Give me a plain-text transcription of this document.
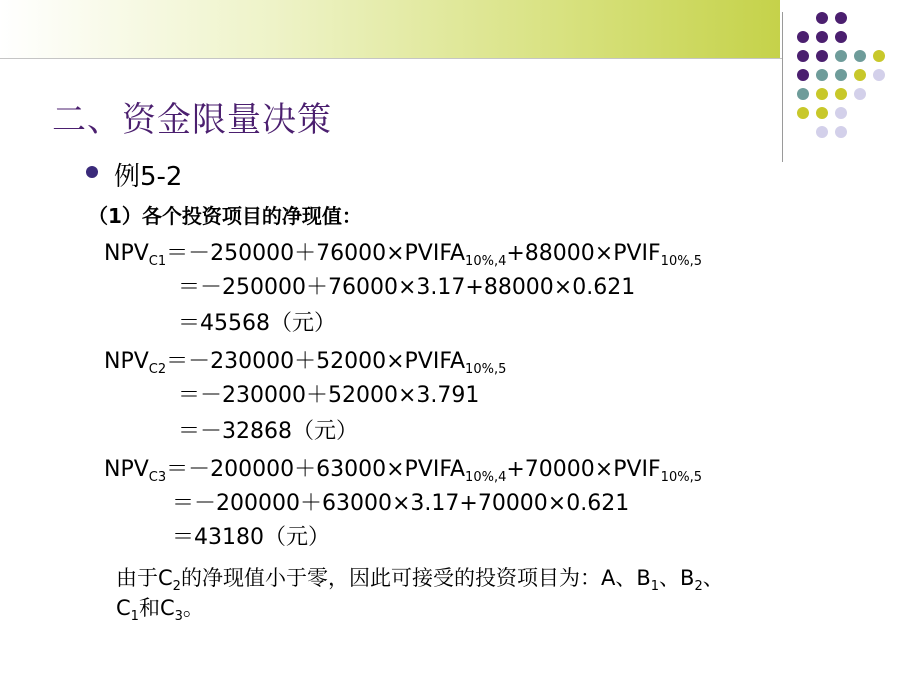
二、资金限量决策
例5-2
（1）各个投资项目的净现值：
$NPV_{C1}=-250000+76000\times PVIFA_{10\%,4}+88000\times PVIF_{10\%,5}$
＝－250000＋76000×3.17+88000×0.621
＝45568（元）
$NPV_{C2}=-230000+52000\times PVIFA_{10\%,5}$
＝－230000＋52000×3.791
＝－32868（元）
$NPV_{C3}=-200000+63000\times PVIFA_{10\%,4}+70000\times PVIF_{10\%,5}$
＝－200000＋63000×3.17+70000×0.621
＝43180（元）
由于$C_2$的净现值小于零，因此可接受的投资项目为：A、$B_1$、$B_2$、
$C_1$和$C_3$。
